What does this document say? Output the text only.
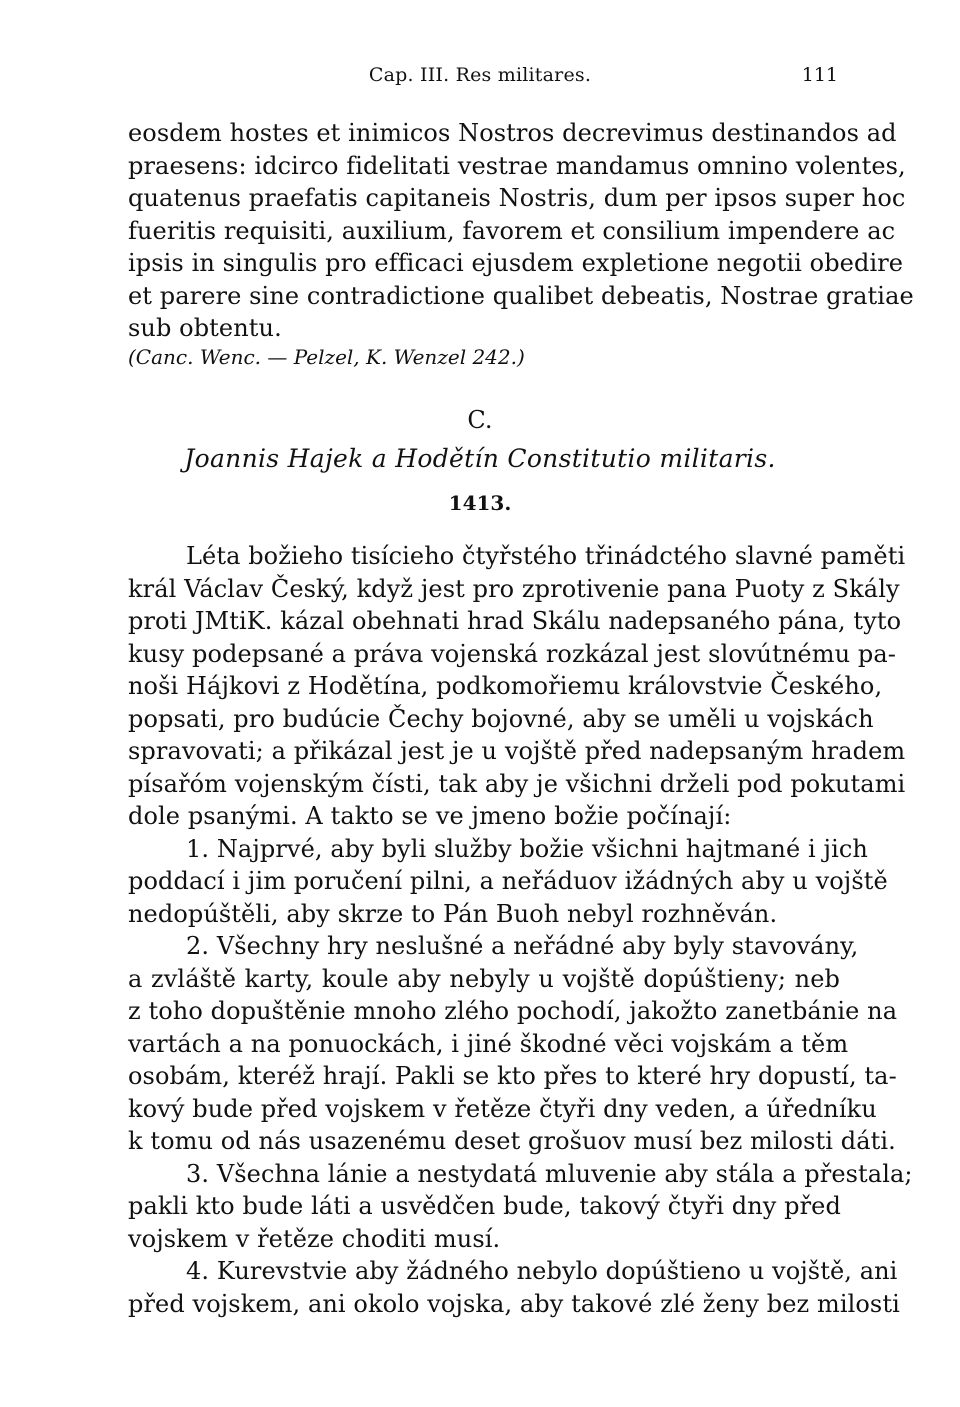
Cap. III. Res militares.	111
eosdem hostes et inimicos Nostros decrevimus destinandos ad
praesens: idcirco fidelitati vestrae mandamus omnino volentes,
quatenus praefatis capitaneis Nostris, dum per ipsos super hoc
fueritis requisiti, auxilium, favorem et consilium impendere ac
ipsis in singulis pro efficaci ejusdem expletione negotii obedire
et parere sine contradictione qualibet debeatis, Nostrae gratiae
sub obtentu.
(Canc. Wenc. — Pelzel, K. Wenzel 242.)
C.
Joannis Hajek a Hodětín Constitutio militaris.
1413.
Léta božieho tisícieho čtyřstého třinádctého slavné paměti
král Václav Český, když jest pro zprotivenie pana Puoty z Skály
proti JMtiK. kázal obehnati hrad Skálu nadepsaného pána, tyto
kusy podepsané a práva vojenská rozkázal jest slovútnému pa-
noši Hájkovi z Hodětína, podkomořiemu královstvie Českého,
popsati, pro budúcie Čechy bojovné, aby se uměli u vojskách
spravovati; a přikázal jest je u vojště před nadepsaným hradem
písařóm vojenským čísti, tak aby je všichni drželi pod pokutami
dole psanými. A takto se ve jmeno božie počínají:
1. Najprvé, aby byli služby božie všichni hajtmané i jich
poddací i jim poručení pilni, a neřáduov ižádných aby u vojště
nedopúštěli, aby skrze to Pán Buoh nebyl rozhněván.
2. Všechny hry neslušné a neřádné aby byly stavovány,
a zvláště karty, koule aby nebyly u vojště dopúštieny; neb
z toho dopuštěnie mnoho zlého pochodí, jakožto zanetbánie na
vartách a na ponuockách, i jiné škodné věci vojskám a těm
osobám, kteréž hrají. Pakli se kto přes to které hry dopustí, ta-
kový bude před vojskem v řetěze čtyři dny veden, a úředníku
k tomu od nás usazenému deset grošuov musí bez milosti dáti.
3. Všechna lánie a nestydatá mluvenie aby stála a přestala;
pakli kto bude láti a usvědčen bude, takový čtyři dny před
vojskem v řetěze choditi musí.
4. Kurevstvie aby žádného nebylo dopúštieno u vojště, ani
před vojskem, ani okolo vojska, aby takové zlé ženy bez milosti
